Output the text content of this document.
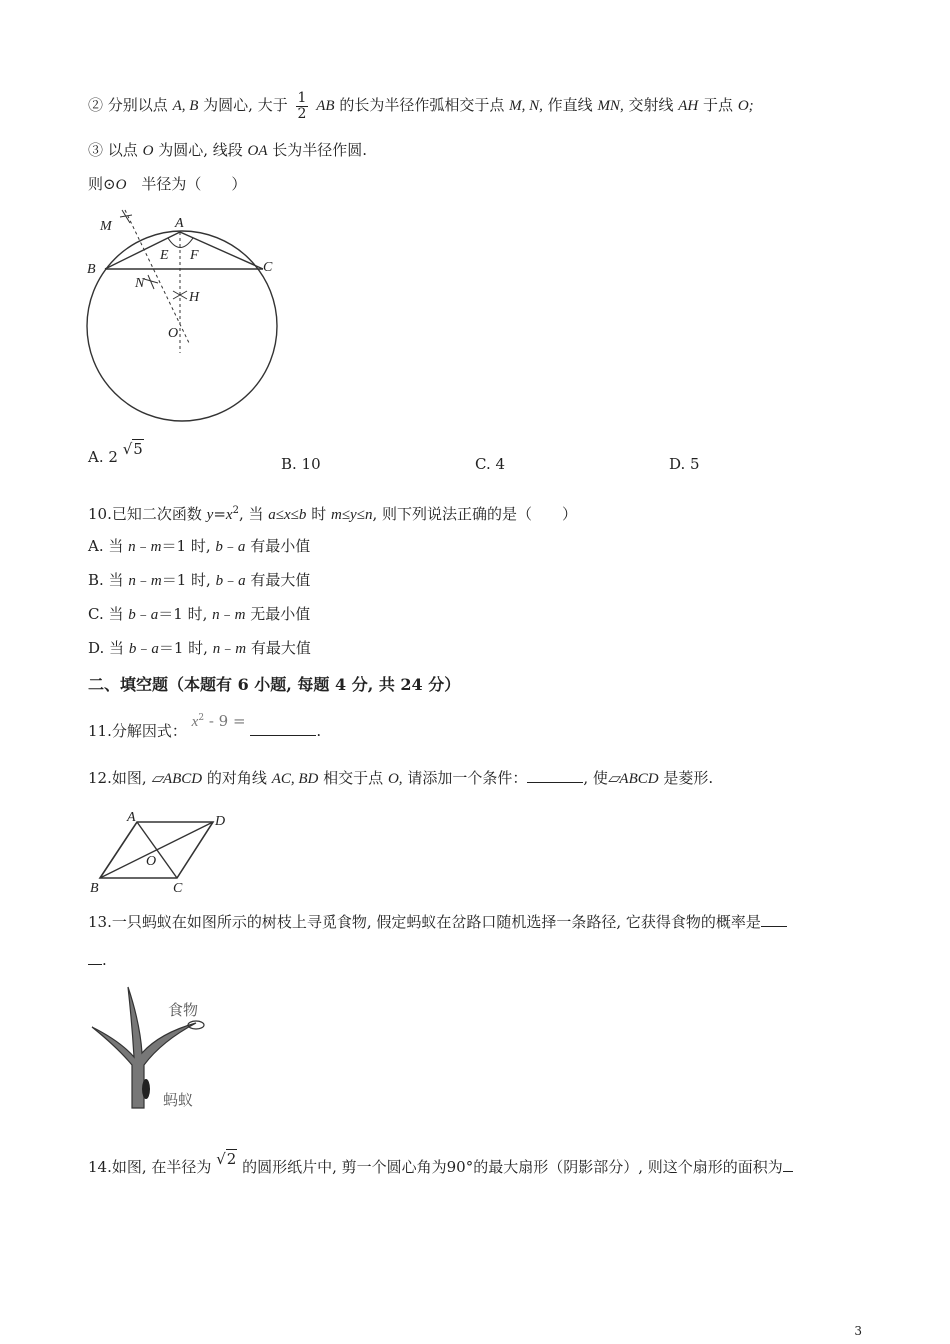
② 分别以点 A, B 为圆心, 大于 $\frac{1}{2}$ AB 的长为半径作弧相交于点 M, N, 作直线 MN, 交射线 AH 于点 O;
③ 以点 O 为圆心, 线段 OA 长为半径作圆.
则⊙O　半径为（　　）
M	A
E F
B	C
N
H
O
A. 2 √5
B. 10	C. 4	D. 5
10.已知二次函数 $y=x^2$, 当 a≤x≤b 时 m≤y≤n, 则下列说法正确的是（　　）
A. 当 n﹣m＝1 时, b﹣a 有最小值
B. 当 n﹣m＝1 时, b﹣a 有最大值
C. 当 b﹣a＝1 时, n﹣m 无最小值
D. 当 b﹣a＝1 时, n﹣m 有最大值
二、填空题（本题有 6 小题, 每题 4 分, 共 24 分）
11.分解因式： $x^2 - 9$ = .
12.如图, ▱ABCD 的对角线 AC, BD 相交于点 O, 请添加一个条件：	, 使▱ABCD 是菱形.
A	D
O
B	C
13.一只蚂蚁在如图所示的树枝上寻觅食物, 假定蚂蚁在岔路口随机选择一条路径, 它获得食物的概率是
.
食物
蚂蚁
14.如图, 在半径为 √2 的圆形纸片中, 剪一个圆心角为90°的最大扇形（阴影部分）, 则这个扇形的面积为
3
